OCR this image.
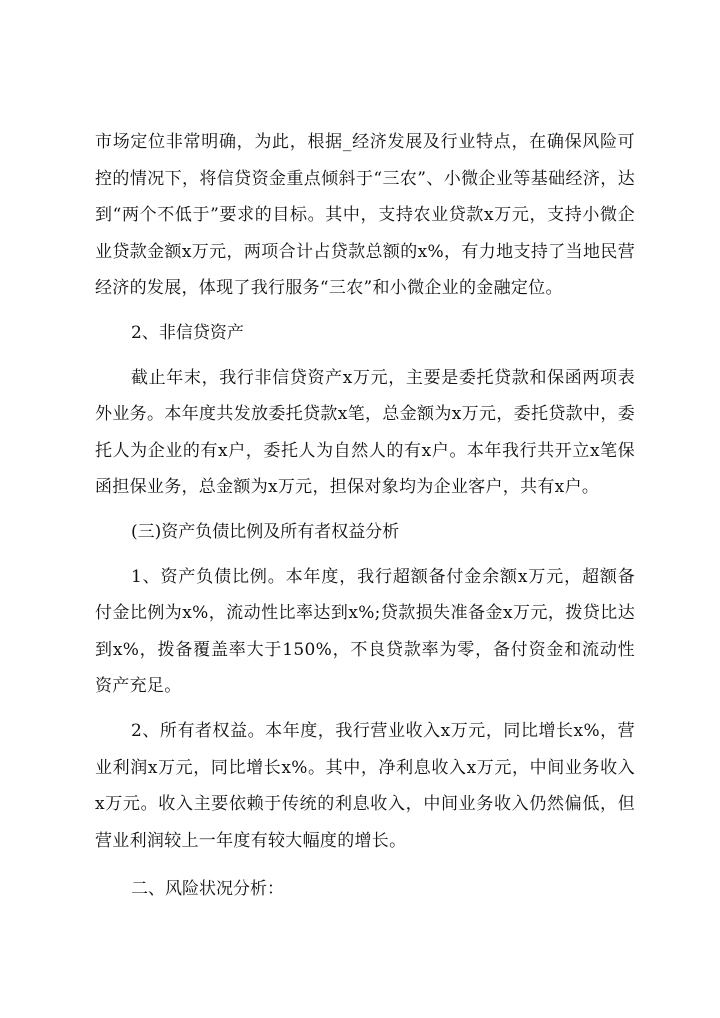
市场定位非常明确，为此，根据_经济发展及行业特点，在确保风险可控的情况下，将信贷资金重点倾斜于“三农”、小微企业等基础经济，达到“两个不低于”要求的目标。其中，支持农业贷款x万元，支持小微企业贷款金额x万元，两项合计占贷款总额的x%，有力地支持了当地民营经济的发展，体现了我行服务“三农”和小微企业的金融定位。

2、非信贷资产

截止年末，我行非信贷资产x万元，主要是委托贷款和保函两项表外业务。本年度共发放委托贷款x笔，总金额为x万元，委托贷款中，委托人为企业的有x户，委托人为自然人的有x户。本年我行共开立x笔保函担保业务，总金额为x万元，担保对象均为企业客户，共有x户。

(三)资产负债比例及所有者权益分析

1、资产负债比例。本年度，我行超额备付金余额x万元，超额备付金比例为x%，流动性比率达到x%;贷款损失准备金x万元，拨贷比达到x%，拨备覆盖率大于150%，不良贷款率为零，备付资金和流动性资产充足。

2、所有者权益。本年度，我行营业收入x万元，同比增长x%，营业利润x万元，同比增长x%。其中，净利息收入x万元，中间业务收入x万元。收入主要依赖于传统的利息收入，中间业务收入仍然偏低，但营业利润较上一年度有较大幅度的增长。

二、风险状况分析：
